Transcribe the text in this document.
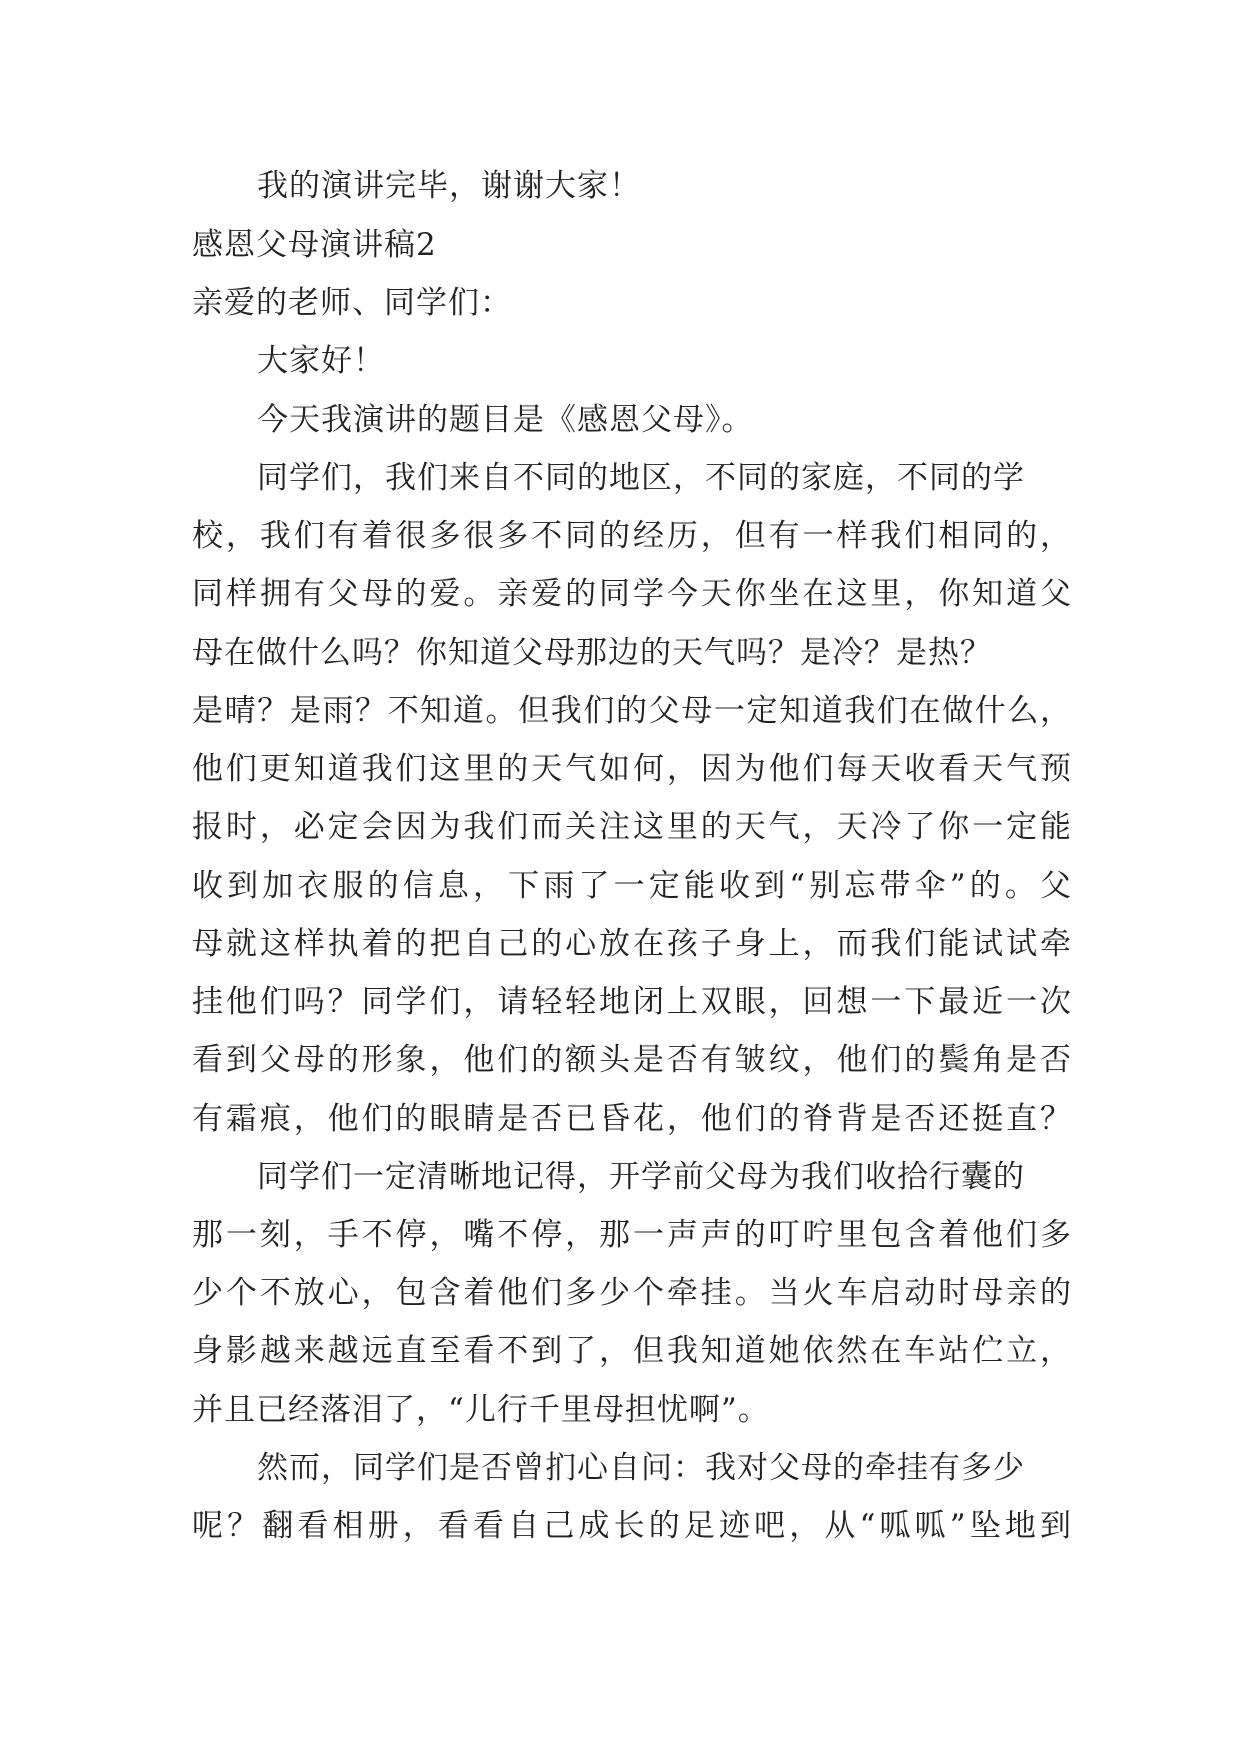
我的演讲完毕，谢谢大家！
感恩父母演讲稿2
亲爱的老师、同学们：
大家好！
今天我演讲的题目是《感恩父母》。
同学们，我们来自不同的地区，不同的家庭，不同的学
校，我们有着很多很多不同的经历，但有一样我们相同的，
同样拥有父母的爱。亲爱的同学今天你坐在这里，你知道父
母在做什么吗？你知道父母那边的天气吗？是冷？是热？
是晴？是雨？不知道。但我们的父母一定知道我们在做什么，
他们更知道我们这里的天气如何，因为他们每天收看天气预
报时，必定会因为我们而关注这里的天气，天冷了你一定能
收到加衣服的信息，下雨了一定能收到“别忘带伞”的。父
母就这样执着的把自己的心放在孩子身上，而我们能试试牵
挂他们吗？同学们，请轻轻地闭上双眼，回想一下最近一次
看到父母的形象，他们的额头是否有皱纹，他们的鬓角是否
有霜痕，他们的眼睛是否已昏花，他们的脊背是否还挺直？
同学们一定清晰地记得，开学前父母为我们收拾行囊的
那一刻，手不停，嘴不停，那一声声的叮咛里包含着他们多
少个不放心，包含着他们多少个牵挂。当火车启动时母亲的
身影越来越远直至看不到了，但我知道她依然在车站伫立，
并且已经落泪了，“儿行千里母担忧啊”。
然而，同学们是否曾扪心自问：我对父母的牵挂有多少
呢？翻看相册，看看自己成长的足迹吧，从“呱呱”坠地到
